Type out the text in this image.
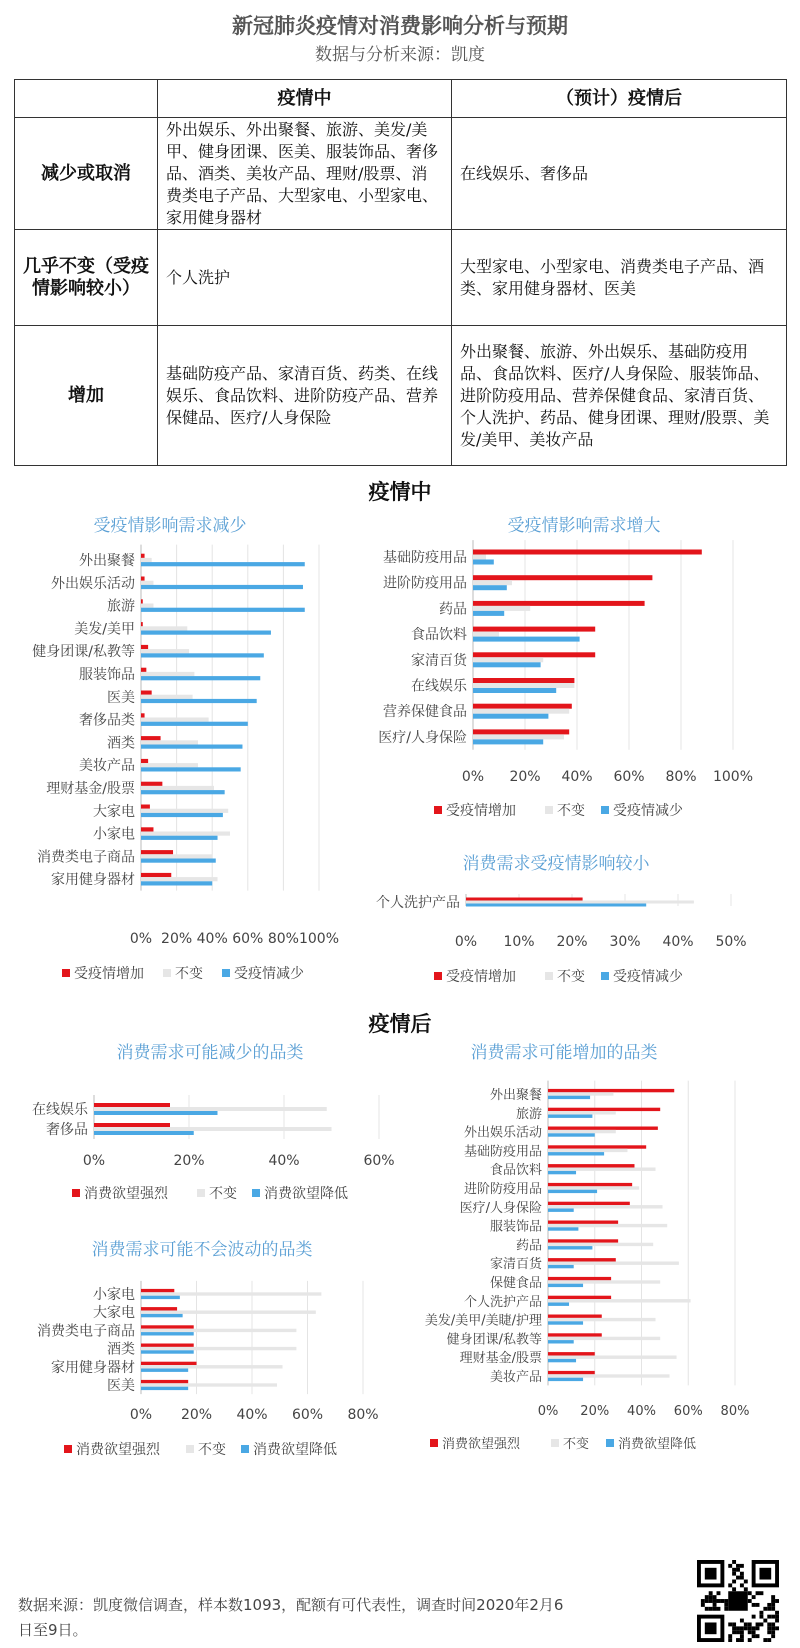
新冠肺炎疫情对消费影响分析与预期
数据与分析来源：凯度
	疫情中	（预计）疫情后
减少或取消	外出娱乐、外出聚餐、旅游、美发/美甲、健身团课、医美、服装饰品、奢侈品、酒类、美妆产品、理财/股票、消费类电子产品、大型家电、小型家电、家用健身器材	在线娱乐、奢侈品
几乎不变（受疫情影响较小）	个人洗护	大型家电、小型家电、消费类电子产品、酒类、家用健身器材、医美
增加	基础防疫产品、家清百货、药类、在线娱乐、食品饮料、进阶防疫产品、营养保健品、医疗/人身保险	外出聚餐、旅游、外出娱乐、基础防疫用品、食品饮料、医疗/人身保险、服装饰品、进阶防疫用品、营养保健食品、家清百货、个人洗护、药品、健身团课、理财/股票、美发/美甲、美妆产品
疫情中
疫情后
受疫情影响需求减少
0% 20% 40% 60% 80% 100%
外出聚餐
外出娱乐活动
旅游
美发/美甲
健身团课/私教等
服装饰品
医美
奢侈品类
酒类
美妆产品
理财基金/股票
大家电
小家电
消费类电子商品
家用健身器材
受疫情增加 不变 受疫情减少
受疫情影响需求增大
0% 20% 40% 60% 80% 100%
基础防疫用品
进阶防疫用品
药品
食品饮料
家清百货
在线娱乐
营养保健食品
医疗/人身保险
受疫情增加	不变 受疫情减少
消费需求受疫情影响较小
0% 10% 20% 30% 40% 50%
个人洗护产品
受疫情增加	不变 受疫情减少
消费需求可能减少的品类
0%	20%	40%	60%
在线娱乐
奢侈品
消费欲望强烈	不变 消费欲望降低
消费需求可能不会波动的品类
0% 20% 40% 60% 80%
小家电
大家电
消费类电子商品
酒类
家用健身器材
医美
消费欲望强烈	不变 消费欲望降低
消费需求可能增加的品类
0% 20% 40% 60% 80%
外出聚餐
旅游
外出娱乐活动
基础防疫用品
食品饮料
进阶防疫用品
医疗/人身保险
服装饰品
药品
家清百货
保健食品
个人洗护产品
美发/美甲/美睫/护理
健身团课/私教等
理财基金/股票
美妆产品
消费欲望强烈	不变 消费欲望降低
数据来源：凯度微信调查，样本数1093，配额有可代表性，调查时间2020年2月6日至9日。
